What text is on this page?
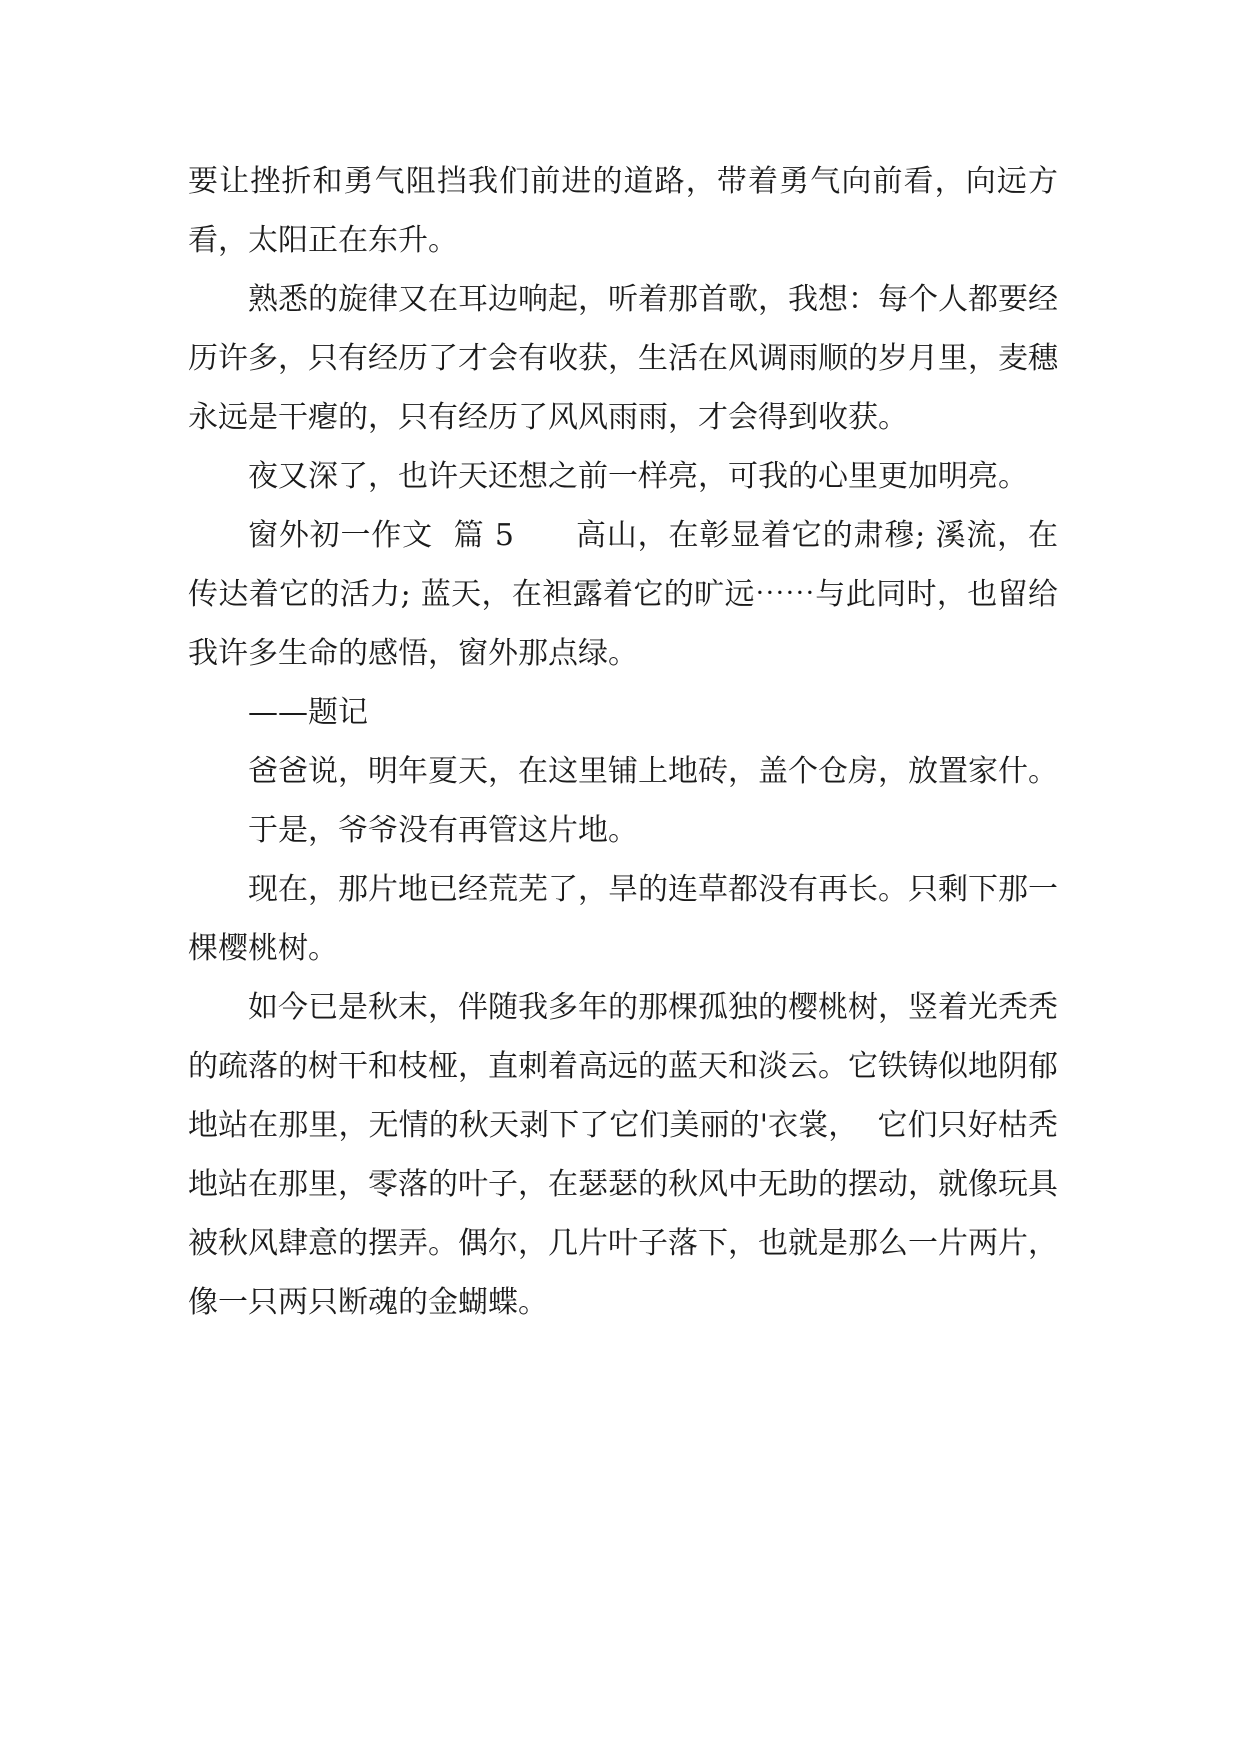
要让挫折和勇气阻挡我们前进的道路，带着勇气向前看，向远方看，太阳正在东升。

熟悉的旋律又在耳边响起，听着那首歌，我想：每个人都要经历许多，只有经历了才会有收获，生活在风调雨顺的岁月里，麦穗永远是干瘪的，只有经历了风风雨雨，才会得到收获。

夜又深了，也许天还想之前一样亮，可我的心里更加明亮。

窗外初一作文  篇 5      高山，在彰显着它的肃穆; 溪流，在传达着它的活力; 蓝天，在袒露着它的旷远⋯⋯与此同时，也留给我许多生命的感悟，窗外那点绿。

——题记

爸爸说，明年夏天，在这里铺上地砖，盖个仓房，放置家什。

于是，爷爷没有再管这片地。

现在，那片地已经荒芜了，旱的连草都没有再长。只剩下那一棵樱桃树。

如今已是秋末，伴随我多年的那棵孤独的樱桃树，竖着光秃秃的疏落的树干和枝桠，直刺着高远的蓝天和淡云。它铁铸似地阴郁地站在那里，无情的秋天剥下了它们美丽的'衣裳，  它们只好枯秃地站在那里，零落的叶子，在瑟瑟的秋风中无助的摆动，就像玩具被秋风肆意的摆弄。偶尔，几片叶子落下，也就是那么一片两片，像一只两只断魂的金蝴蝶。
